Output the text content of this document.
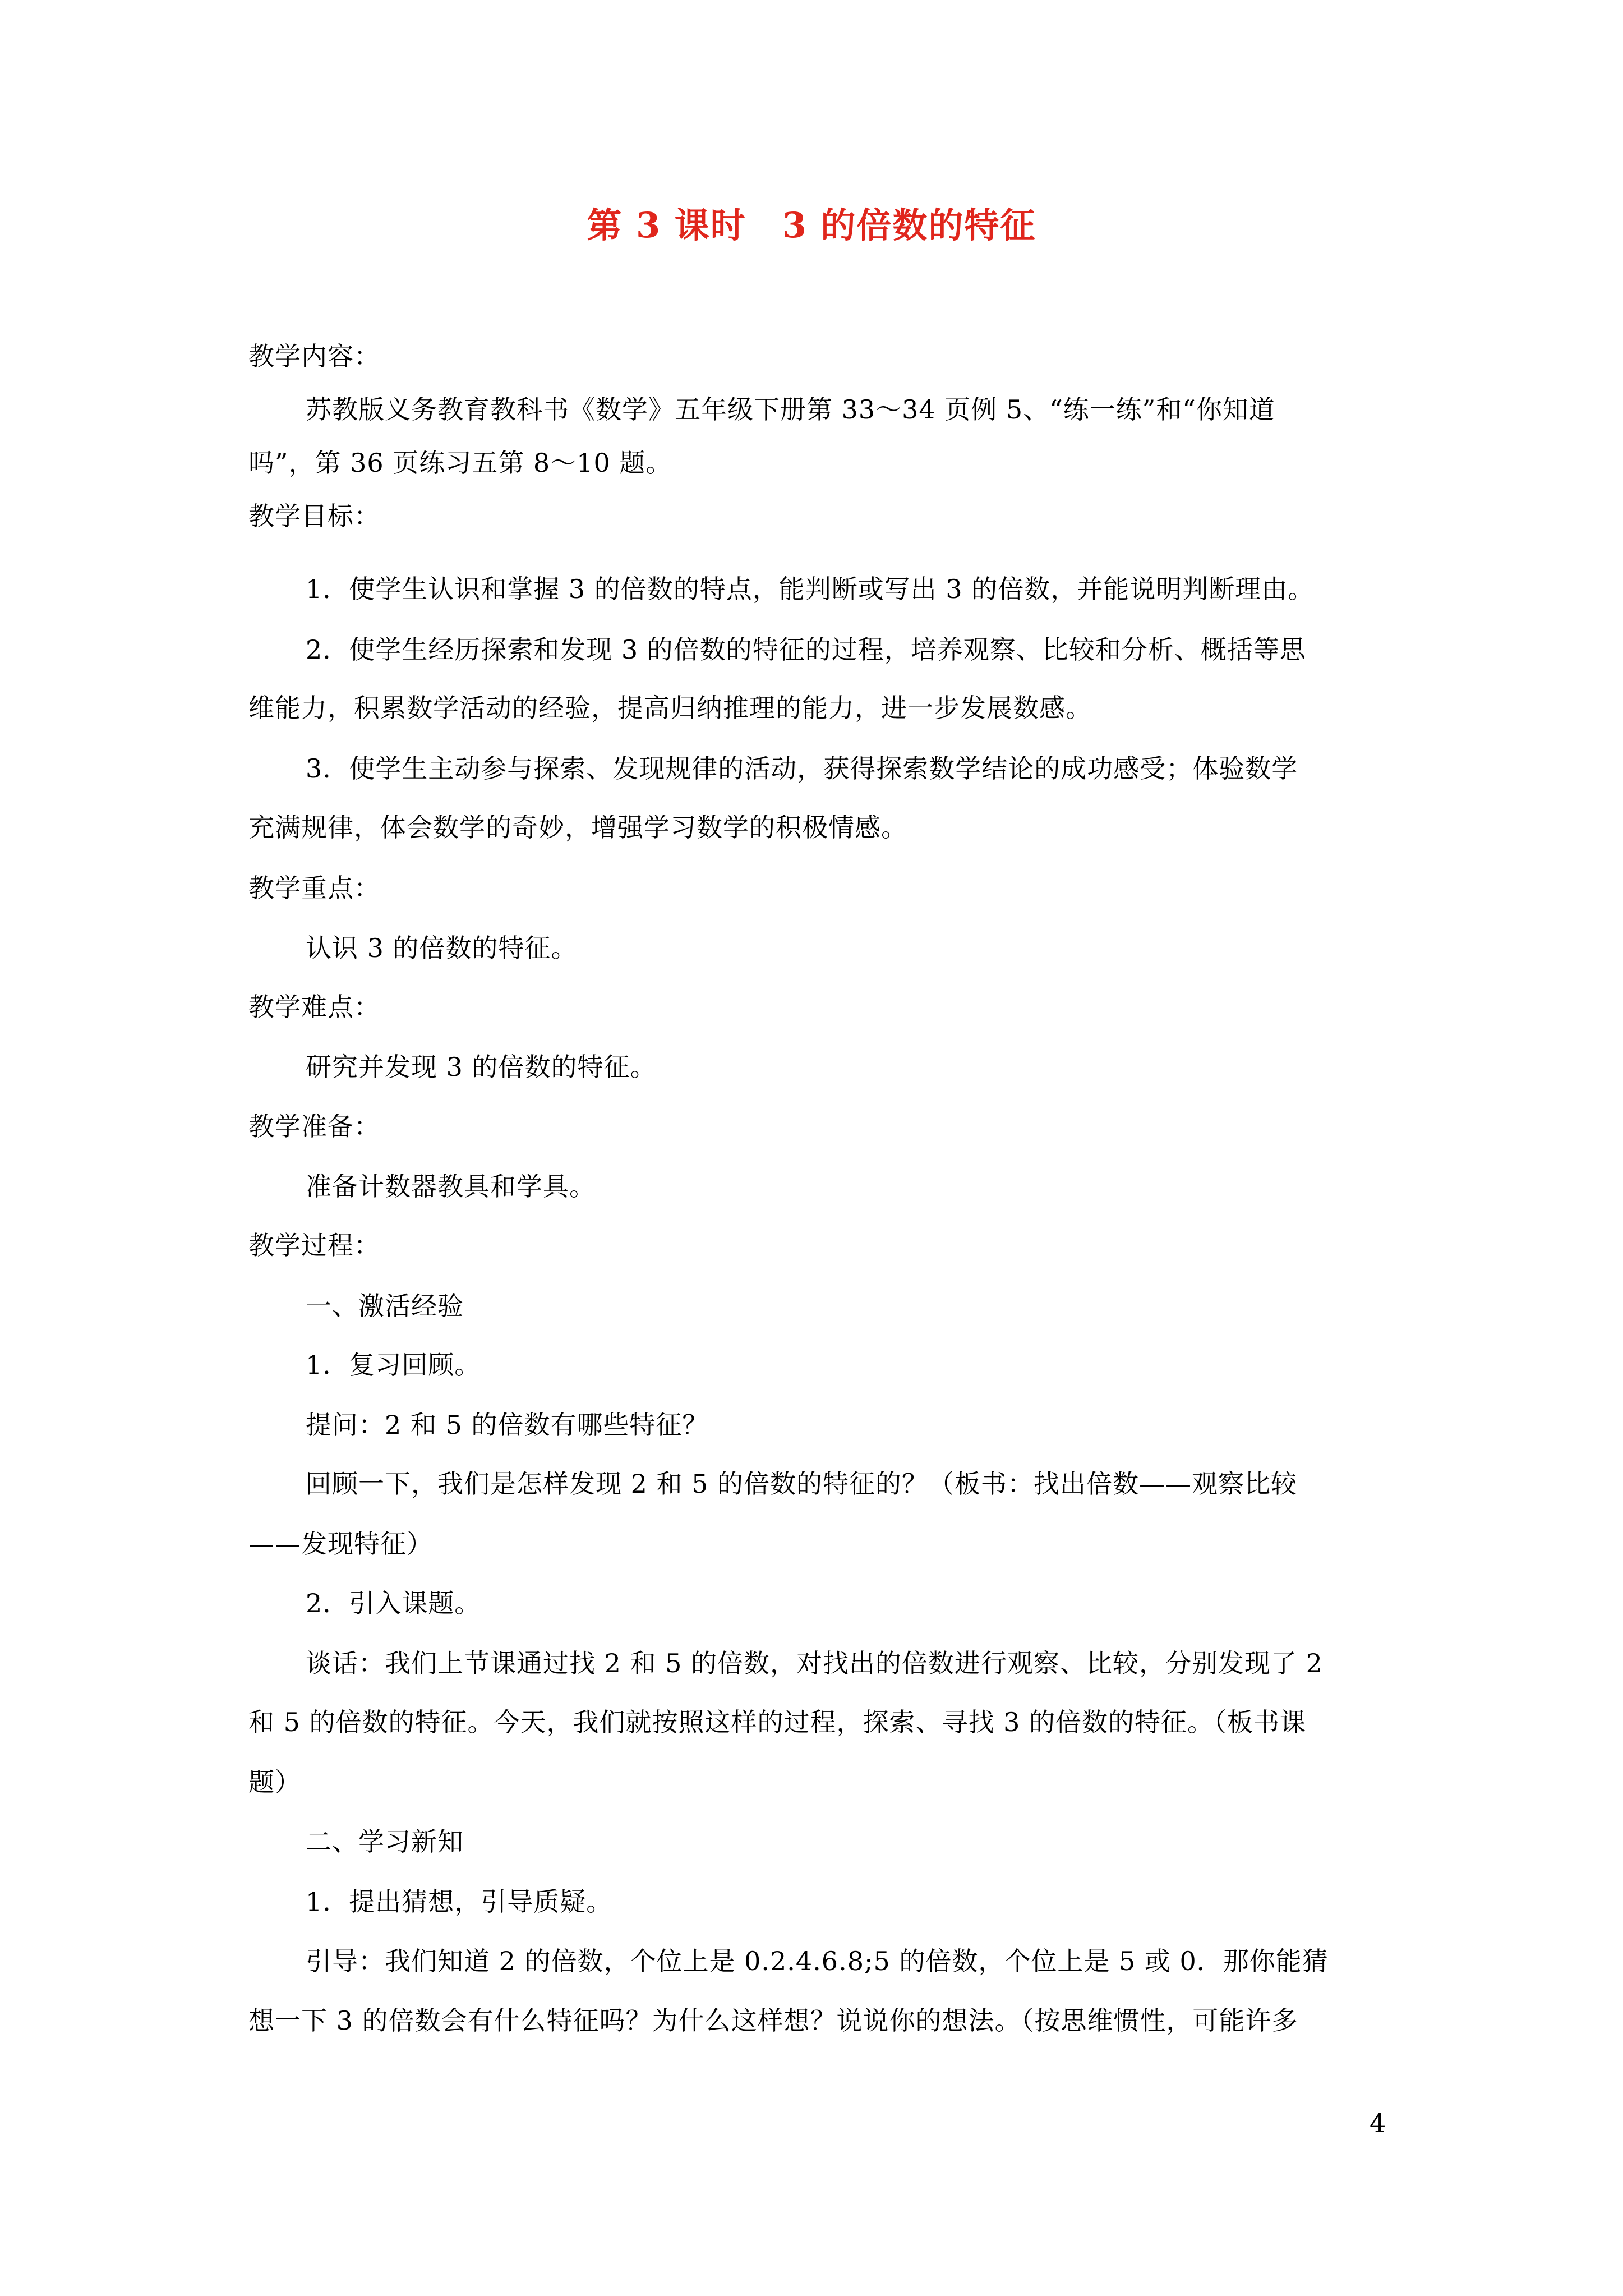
第 3 课时　3 的倍数的特征
教学内容：
苏教版义务教育教科书《数学》五年级下册第 33～34 页例 5、“练一练”和“你知道
吗”，第 36 页练习五第 8～10 题。
教学目标：
1．使学生认识和掌握 3 的倍数的特点，能判断或写出 3 的倍数，并能说明判断理由。
2．使学生经历探索和发现 3 的倍数的特征的过程，培养观察、比较和分析、概括等思
维能力，积累数学活动的经验，提高归纳推理的能力，进一步发展数感。
3．使学生主动参与探索、发现规律的活动，获得探索数学结论的成功感受；体验数学
充满规律，体会数学的奇妙，增强学习数学的积极情感。
教学重点：
认识 3 的倍数的特征。
教学难点：
研究并发现 3 的倍数的特征。
教学准备：
准备计数器教具和学具。
教学过程：
一、激活经验
1．复习回顾。
提问：2 和 5 的倍数有哪些特征？
回顾一下，我们是怎样发现 2 和 5 的倍数的特征的？（板书：找出倍数——观察比较
——发现特征）
2．引入课题。
谈话：我们上节课通过找 2 和 5 的倍数，对找出的倍数进行观察、比较，分别发现了 2
和 5 的倍数的特征。今天，我们就按照这样的过程，探索、寻找 3 的倍数的特征。（板书课
题）
二、学习新知
1．提出猜想，引导质疑。
引导：我们知道 2 的倍数，个位上是 0.2.4.6.8;5 的倍数，个位上是 5 或 0．那你能猜
想一下 3 的倍数会有什么特征吗？为什么这样想？说说你的想法。（按思维惯性，可能许多
4
